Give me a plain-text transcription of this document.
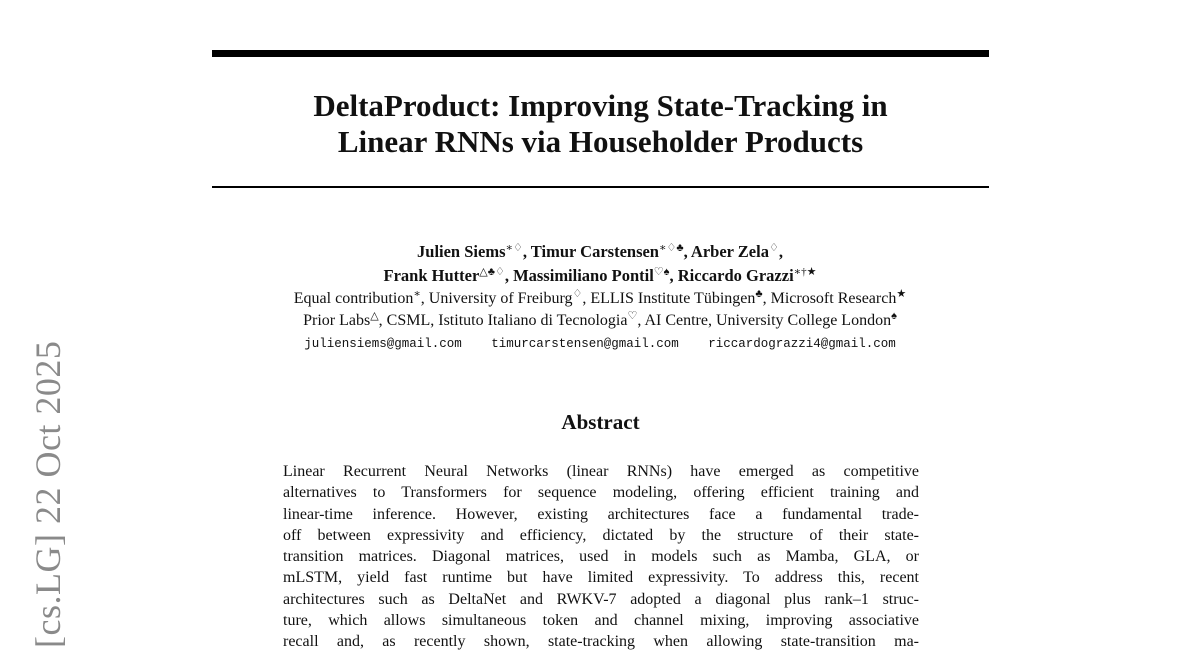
[cs.LG] 22 Oct 2025
DeltaProduct: Improving State-Tracking in
Linear RNNs via Householder Products
Julien Siems∗♢, Timur Carstensen∗♢♣, Arber Zela♢,
Frank Hutter△♣♢, Massimiliano Pontil♡♠, Riccardo Grazzi∗†★
Equal contribution∗, University of Freiburg♢, ELLIS Institute Tübingen♣, Microsoft Research★
Prior Labs△, CSML, Istituto Italiano di Tecnologia♡, AI Centre, University College London♠
juliensiems@gmail.com timurcarstensen@gmail.com riccardograzzi4@gmail.com
Abstract

Linear Recurrent Neural Networks (linear RNNs) have emerged as competitive
alternatives to Transformers for sequence modeling, offering efficient training and
linear-time inference. However, existing architectures face a fundamental trade-
off between expressivity and efficiency, dictated by the structure of their state-
transition matrices. Diagonal matrices, used in models such as Mamba, GLA, or
mLSTM, yield fast runtime but have limited expressivity. To address this, recent
architectures such as DeltaNet and RWKV-7 adopted a diagonal plus rank–1 struc-
ture, which allows simultaneous token and channel mixing, improving associative
recall and, as recently shown, state-tracking when allowing state-transition ma-
